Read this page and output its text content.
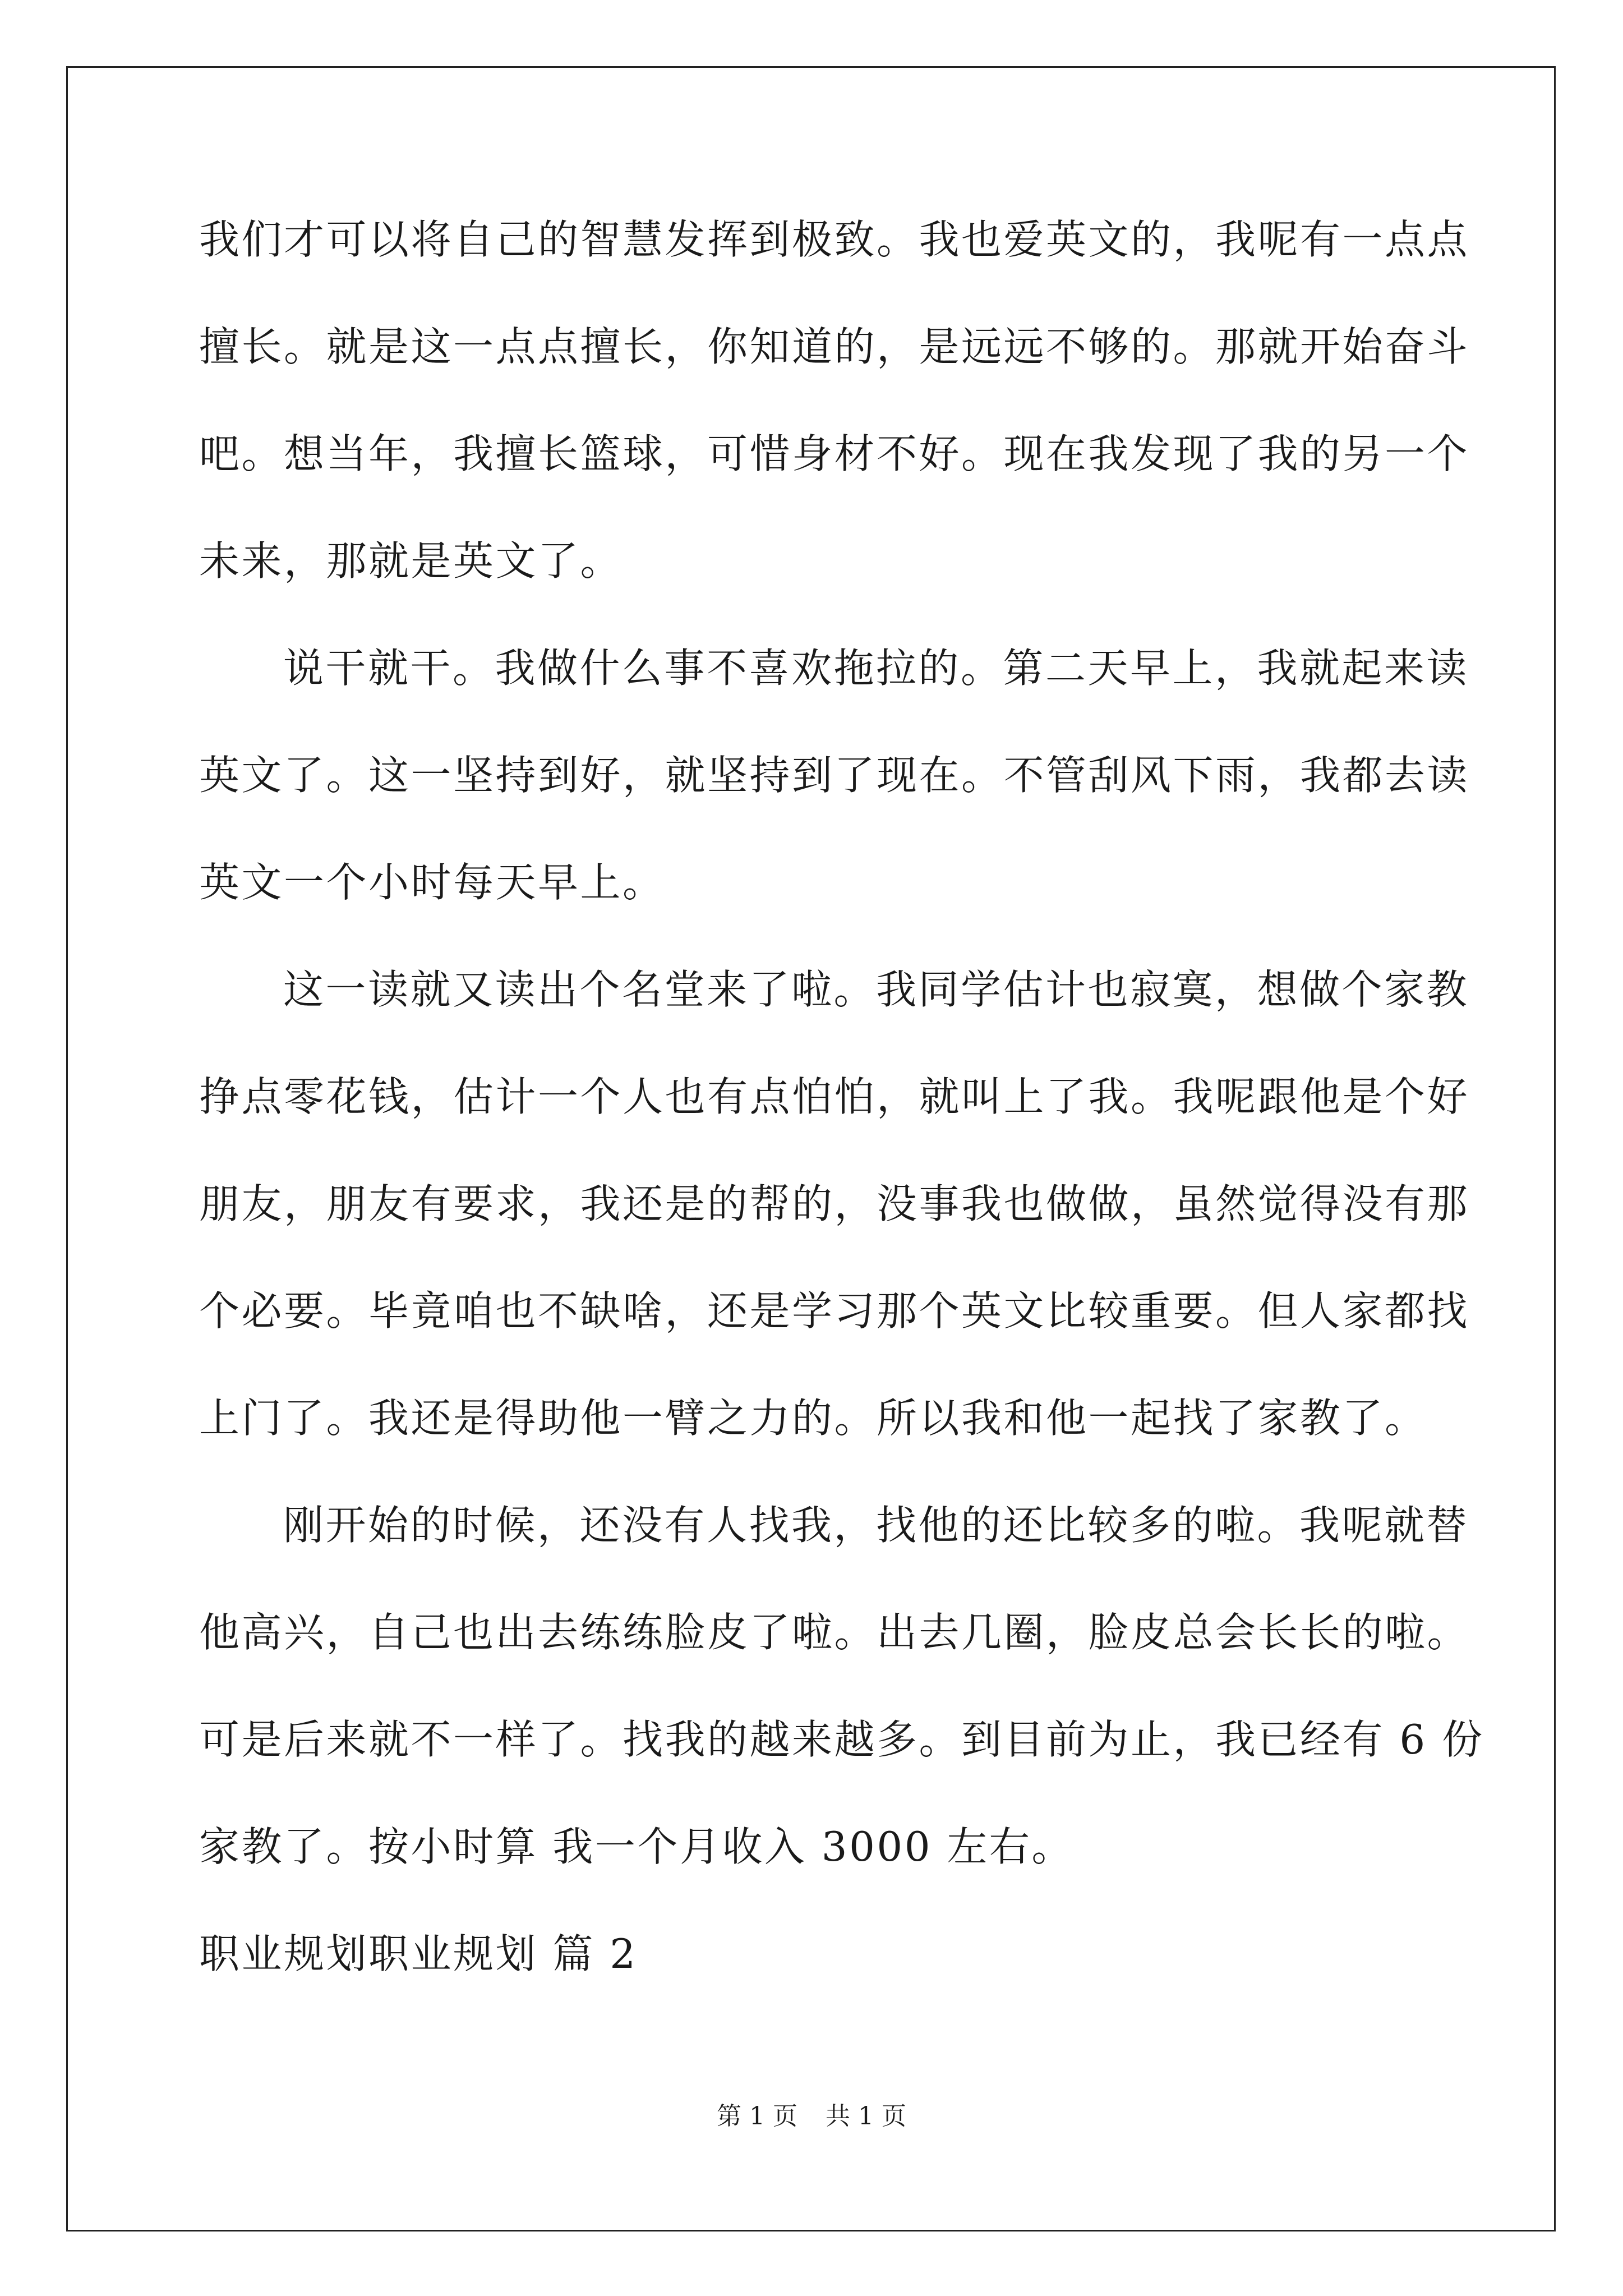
我们才可以将自己的智慧发挥到极致。我也爱英文的，我呢有一点点
擅长。就是这一点点擅长，你知道的，是远远不够的。那就开始奋斗
吧。想当年，我擅长篮球，可惜身材不好。现在我发现了我的另一个
未来，那就是英文了。
说干就干。我做什么事不喜欢拖拉的。第二天早上，我就起来读
英文了。这一坚持到好，就坚持到了现在。不管刮风下雨，我都去读
英文一个小时每天早上。
这一读就又读出个名堂来了啦。我同学估计也寂寞，想做个家教
挣点零花钱，估计一个人也有点怕怕，就叫上了我。我呢跟他是个好
朋友，朋友有要求，我还是的帮的，没事我也做做，虽然觉得没有那
个必要。毕竟咱也不缺啥，还是学习那个英文比较重要。但人家都找
上门了。我还是得助他一臂之力的。所以我和他一起找了家教了。
刚开始的时候，还没有人找我，找他的还比较多的啦。我呢就替
他高兴，自己也出去练练脸皮了啦。出去几圈，脸皮总会长长的啦。
可是后来就不一样了。找我的越来越多。到目前为止，我已经有 6 份
家教了。按小时算 我一个月收入 3000 左右。
职业规划职业规划 篇 2
第 1 页 共 1 页
